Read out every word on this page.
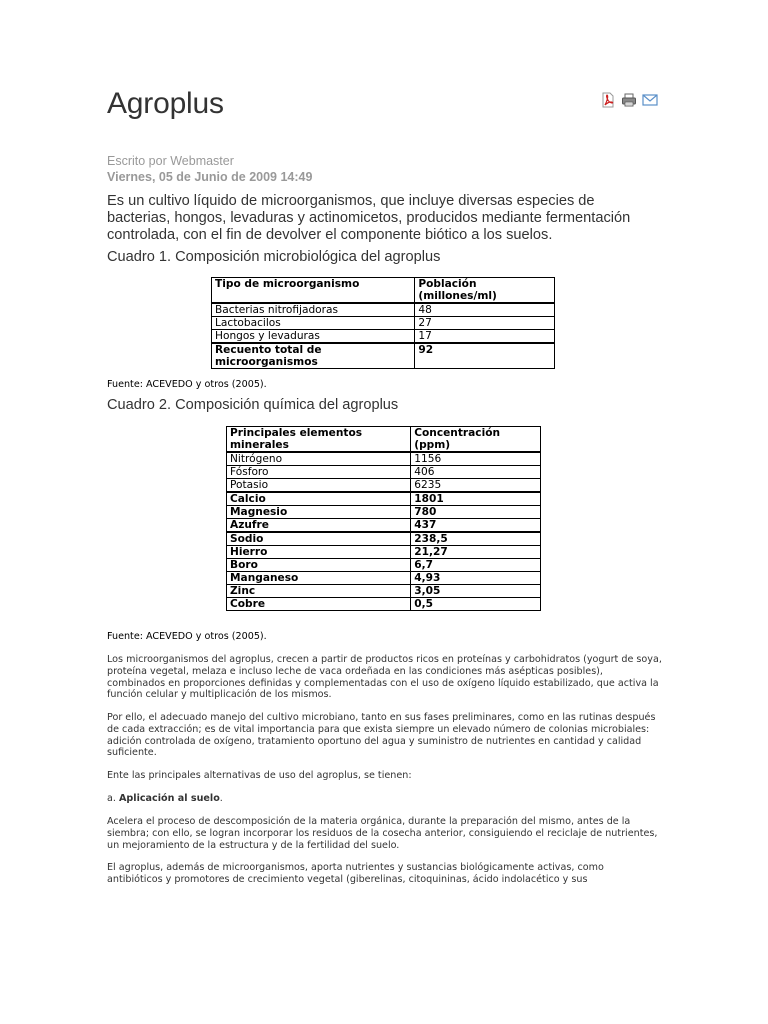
Agroplus
Escrito por Webmaster
Viernes, 05 de Junio de 2009 14:49

Es un cultivo líquido de microorganismos, que incluye diversas especies de bacterias, hongos, levaduras y actinomicetos, producidos mediante fermentación controlada, con el fin de devolver el componente biótico a los suelos.

Cuadro 1. Composición microbiológica del agroplus
Tipo de microorganismo	Población (millones/ml)
Bacterias nitrofijadoras	48
Lactobacilos	27
Hongos y levaduras	17
Recuento total de microorganismos	92
Fuente: ACEVEDO y otros (2005).
Cuadro 2. Composición química del agroplus
Principales elementos minerales	Concentración (ppm)
Nitrógeno	1156
Fósforo	406
Potasio	6235
Calcio	1801
Magnesio	780
Azufre	437
Sodio	238,5
Hierro	21,27
Boro	6,7
Manganeso	4,93
Zinc	3,05
Cobre	0,5
Fuente: ACEVEDO y otros (2005).

Los microorganismos del agroplus, crecen a partir de productos ricos en proteínas y carbohidratos (yogurt de soya, proteína vegetal, melaza e incluso leche de vaca ordeñada en las condiciones más asépticas posibles), combinados en proporciones definidas y complementadas con el uso de oxígeno líquido estabilizado, que activa la función celular y multiplicación de los mismos.

Por ello, el adecuado manejo del cultivo microbiano, tanto en sus fases preliminares, como en las rutinas después de cada extracción; es de vital importancia para que exista siempre un elevado número de colonias microbiales: adición controlada de oxígeno, tratamiento oportuno del agua y suministro de nutrientes en cantidad y calidad suficiente.

Ente las principales alternativas de uso del agroplus, se tienen:

a. Aplicación al suelo.

Acelera el proceso de descomposición de la materia orgánica, durante la preparación del mismo, antes de la siembra; con ello, se logran incorporar los residuos de la cosecha anterior, consiguiendo el reciclaje de nutrientes, un mejoramiento de la estructura y de la fertilidad del suelo.

El agroplus, además de microorganismos, aporta nutrientes y sustancias biológicamente activas, como antibióticos y promotores de crecimiento vegetal (giberelinas, citoquininas, ácido indolacético y sus
